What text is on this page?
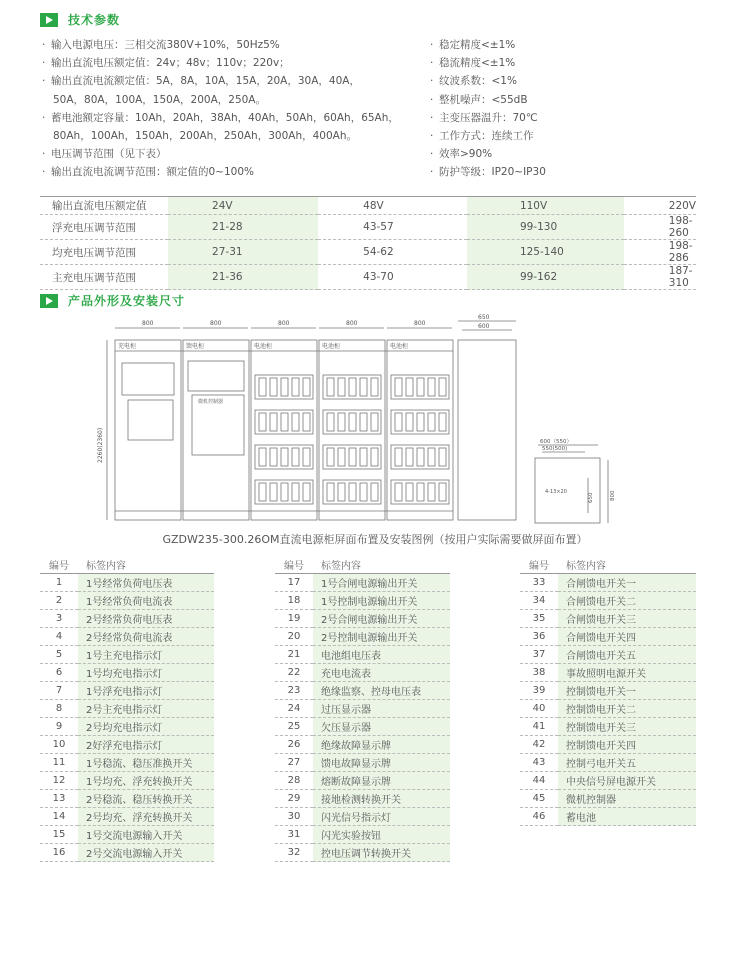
技术参数
· 输入电源电压：三相交流380V+10%，50Hz5%
· 输出直流电压额定值：24v；48v；110v；220v；
· 输出直流电流额定值：5A，8A，10A，15A，20A，30A，40A，
50A，80A，100A，150A，200A，250A。
· 蓄电池额定容量：10Ah，20Ah，38Ah，40Ah，50Ah，60Ah，65Ah，
80Ah，100Ah，150Ah，200Ah，250Ah，300Ah，400Ah。
· 电压调节范围（见下表）
· 输出直流电流调节范围：额定值的0~100%
· 稳定精度<±1%
· 稳流精度<±1%
· 纹波系数：<1%
· 整机噪声：<55dB
· 主变压器温升：70℃
· 工作方式：连续工作
· 效率>90%
· 防护等级：IP20~IP30
输出直流电压额定值	24V	48V	110V	220V
浮充电压调节范围	21-28	43-57	99-130	198-260
均充电压调节范围	27-31	54-62	125-140	198-286
主充电压调节范围	21-36	43-70	99-162	187-310
产品外形及安装尺寸
800	800	800	800	800
充电柜	馈电柜	电池柜	电池柜	电池柜
微机控制器
2260(2360)
650
600
600（550）
550(500)
4-13×20
650	800
GZDW235-300.26OM直流电源柜屏面布置及安装图例（按用户实际需要做屏面布置）
编号	标签内容
1	1号经常负荷电压表
2	1号经常负荷电流表
3	2号经常负荷电压表
4	2号经常负荷电流表
5	1号主充电指示灯
6	1号均充电指示灯
7	1号浮充电指示灯
8	2号主充电指示灯
9	2号均充电指示灯
10	2好浮充电指示灯
11	1号稳流、稳压准换开关
12	1号均充、浮充转换开关
13	2号稳流、稳压转换开关
14	2号均充、浮充转换开关
15	1号交流电源输入开关
16	2号交流电源输入开关
编号	标签内容
17	1号合闸电源输出开关
18	1号控制电源输出开关
19	2号合闸电源输出开关
20	2号控制电源输出开关
21	电池组电压表
22	充电电流表
23	绝缘监察、控母电压表
24	过压显示器
25	欠压显示器
26	绝缘故障显示牌
27	馈电故障显示牌
28	熔断故障显示牌
29	接地检测转换开关
30	闪光信号指示灯
31	闪光实验按钮
32	控电压调节转换开关
编号	标签内容
33	合闸馈电开关一
34	合闸馈电开关二
35	合闸馈电开关三
36	合闸馈电开关四
37	合闸馈电开关五
38	事故照明电源开关
39	控制馈电开关一
40	控制馈电开关二
41	控制馈电开关三
42	控制馈电开关四
43	控制弓电开关五
44	中央信号屏电源开关
45	微机控制器
46	蓄电池
